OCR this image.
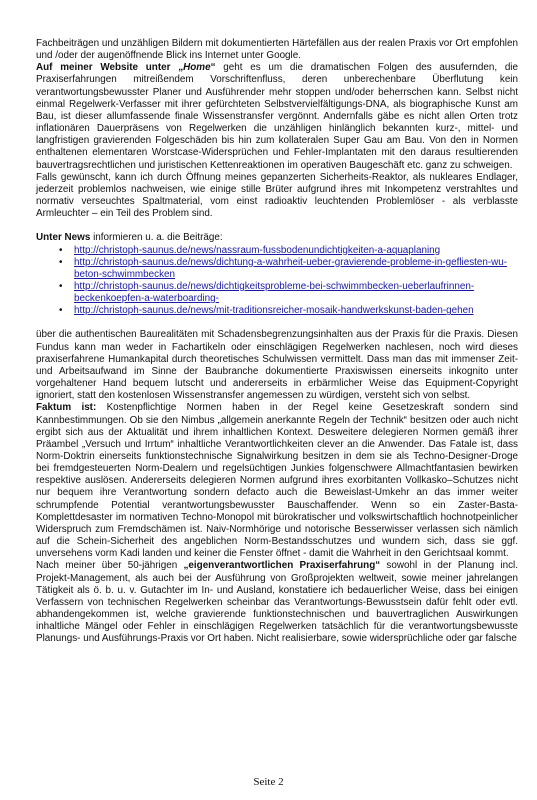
Fachbeiträgen und unzähligen Bildern mit dokumentierten Härtefällen aus der realen Praxis vor Ort empfohlen und /oder der augenöffnende Blick ins Internet unter Google.

Auf meiner Website unter „Home“ geht es um die dramatischen Folgen des ausufernden, die Praxiserfahrungen mitreißendem Vorschriftenfluss, deren unberechenbare Überflutung kein verantwortungsbewusster Planer und Ausführender mehr stoppen und/oder beherrschen kann. Selbst nicht einmal Regelwerk-Verfasser mit ihrer gefürchteten Selbstvervielfältigungs-DNA, als biographische Kunst am Bau, ist dieser allumfassende finale Wissenstransfer vergönnt. Andernfalls gäbe es nicht allen Orten trotz inflationären Dauerpräsens von Regelwerken die unzähligen hinlänglich bekannten kurz-, mittel- und langfristigen gravierenden Folgeschäden bis hin zum kollateralen Super Gau am Bau. Von den in Normen enthaltenen elementaren Worstcase-Widersprüchen und Fehler-Implantaten mit den daraus resultierenden bauvertragsrechtlichen und juristischen Kettenreaktionen im operativen Baugeschäft etc. ganz zu schweigen.

Falls gewünscht, kann ich durch Öffnung meines gepanzerten Sicherheits-Reaktor, als nukleares Endlager, jederzeit problemlos nachweisen, wie einige stille Brüter aufgrund ihres mit Inkompetenz verstrahltes und normativ verseuchtes Spaltmaterial, vom einst radioaktiv leuchtenden Problemlöser - als verblasste Armleuchter – ein Teil des Problem sind.

Unter News informieren u. a. die Beiträge:

• http://christoph-saunus.de/news/nassraum-fussbodenundichtigkeiten-a-aquaplaning
• http://christoph-saunus.de/news/dichtung-a-wahrheit-ueber-gravierende-probleme-in-gefliesten-wu-beton-schwimmbecken
• http://christoph-saunus.de/news/dichtigkeitsprobleme-bei-schwimmbecken-ueberlaufrinnen-beckenkoepfen-a-waterboarding-
• http://christoph-saunus.de/news/mit-traditionsreicher-mosaik-handwerkskunst-baden-gehen

über die authentischen Baurealitäten mit Schadensbegrenzungsinhalten aus der Praxis für die Praxis. Diesen Fundus kann man weder in Fachartikeln oder einschlägigen Regelwerken nachlesen, noch wird dieses praxiserfahrene Humankapital durch theoretisches Schulwissen vermittelt. Dass man das mit immenser Zeit- und Arbeitsaufwand im Sinne der Baubranche dokumentierte Praxiswissen einerseits inkognito unter vorgehaltener Hand bequem lutscht und andererseits in erbärmlicher Weise das Equipment-Copyright ignoriert, statt den kostenlosen Wissenstransfer angemessen zu würdigen, versteht sich von selbst.

Faktum ist: Kostenpflichtige Normen haben in der Regel keine Gesetzeskraft sondern sind Kannbestimmungen. Ob sie den Nimbus „allgemein anerkannte Regeln der Technik“ besitzen oder auch nicht ergibt sich aus der Aktualität und ihrem inhaltlichen Kontext. Desweitere delegieren Normen gemäß ihrer Präambel „Versuch und Irrtum“ inhaltliche Verantwortlichkeiten clever an die Anwender. Das Fatale ist, dass Norm-Doktrin einerseits funktionstechnische Signalwirkung besitzen in dem sie als Techno-Designer-Droge bei fremdgesteuerten Norm-Dealern und regelsüchtigen Junkies folgenschwere Allmachtfantasien bewirken respektive auslösen. Andererseits delegieren Normen aufgrund ihres exorbitanten Vollkasko–Schutzes nicht nur bequem ihre Verantwortung sondern defacto auch die Beweislast-Umkehr an das immer weiter schrumpfende Potential verantwortungsbewusster Bauschaffender. Wenn so ein Zaster-Basta-Komplettdesaster im normativen Techno-Monopol mit bürokratischer und volkswirtschaftlich hochnotpeinlicher Widerspruch zum Fremdschämen ist. Naiv-Normhörige und notorische Besserwisser verlassen sich nämlich auf die Schein-Sicherheit des angeblichen Norm-Bestandsschutzes und wundern sich, dass sie ggf. unversehens vorm Kadi landen und keiner die Fenster öffnet - damit die Wahrheit in den Gerichtsaal kommt.

Nach meiner über 50-jährigen „eigenverantwortlichen Praxiserfahrung“ sowohl in der Planung incl. Projekt-Management, als auch bei der Ausführung von Großprojekten weltweit, sowie meiner jahrelangen Tätigkeit als ö. b. u. v. Gutachter im In- und Ausland, konstatiere ich bedauerlicher Weise, dass bei einigen Verfassern von technischen Regelwerken scheinbar das Verantwortungs-Bewusstsein dafür fehlt oder evtl. abhandengekommen ist, welche gravierende funktionstechnischen und bauvertraglichen Auswirkungen inhaltliche Mängel oder Fehler in einschlägigen Regelwerken tatsächlich für die verantwortungsbewusste Planungs- und Ausführungs-Praxis vor Ort haben. Nicht realisierbare, sowie widersprüchliche oder gar falsche

Seite 2
